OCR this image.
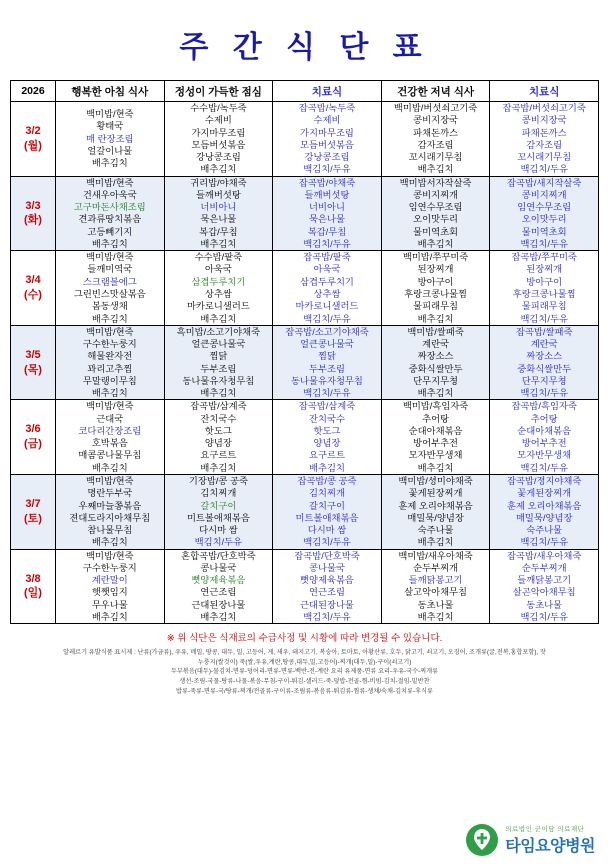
주 간 식 단 표
2026	행복한 아침 식사	정성이 가득한 점심	치료식	건강한 저녁 식사	치료식

3/2
(월)

백미밥/현죽
황태국
매 란장조림
얼갈이나물
배추김치

수수밥/녹두죽
수제비
가지마무조림
모듬버섯볶음
강낭콩조림
배추김치

잡곡밥/녹두죽
수제비
가지마무조림
모듬버섯볶음
강낭콩조림
백김치/두유

백미밥/버섯쇠고기죽
콩비지장국
파채돈까스
감자조림
꼬시래기무침
배추김치

잡곡밥/버섯쇠고기죽
콩비지장국
파채돈까스
감자조림
꼬시래기무침
백김치/두유

3/3
(화)

백미밥/현죽
건새우아욱국
고구마돈사채조림
견과류땅치볶음
고등빼기지
배추김치

귀리밥/야채죽
들깨버섯탕
너비아니
묵은나물
복갑/무침
배추김치

잡곡밥/야채죽
들깨버섯탕
너비아니
묵은나물
복갑/무침
백김치/두유

백미밥서자작살죽
콩비지찌개
임연수무조림
오이맛두리
물미역초회
배추김치

잡곡밥/새지작살죽
콩비지찌개
임연수무조림
오이맛두리
물미역초회
백김치/두유

3/4
(수)

백미밥/현죽
들깨미역국
스크램블에그
그린빈스맛살볶음
봄동생채
배추김치

수수밥/팥죽
아욱국
삼겹두루치기
상추쌈
마카로니샐러드
배추김치

잡곡밥/팥죽
아욱국
삼겹두루치기
상추쌈
마카로니샐러드
백김치/두유

백미밥/쭈꾸미죽
된장찌개
방아구이
후랑크콩나물찜
물피래무침
배추김치

잡곡밥/쭈꾸미죽
된장찌개
방아구이
후랑크콩나물찜
물피래무침
백김치/두유

3/5
(목)

백미밥/현죽
구수한누룽지
해물완자전
꽈리고추찜
무말랭이무침
배추김치

흑미밥/소고기야채죽
얼큰콩나물국
찜닭
두부조림
동나물유자청무침
배추김치

잡곡밥/소고기야채죽
얼큰콩나물국
찜닭
두부조림
동나물유자청무침
백김치/두유

백미밥/쌀패죽
계란국
짜장소스
중화식쌀만두
단무지무쳥
배추김치

잡곡밥/쌀패죽
계란국
짜장소스
중화식쌀만두
단무지무쳥
백김치/두유

3/6
(금)

백미밥/현죽
근대국
코다리간장조림
호박볶음
매콤콩나물무침
배추김치

잡곡밥/삼계죽
잔치국수
핫도그
양념장
요구르트
배추김치

잡곡밥/삼계죽
잔치국수
핫도그
양념장
요구르트
배추김치

백미밥/흑임자죽
추어탕
순대아채볶음
방어부추전
모자반무생채
배추김치

잡곡밥/흑임자죽
추어탕
순대아채볶음
방어부추전
모자반무생채
백김치/두유

3/7
(토)

백미밥/현죽
명란두부국
우째마늘쫑볶음
젼대도라지아채무침
참나물무침
배추김치

기장밥/콩 공죽
김치찌개
갈치구이
미트볼애채볶음
다시마 쌈
백김치/두유

잡곡밥/콩 공죽
김치찌개
갈치구이
미트볼애채볶음
다시마 쌈
백김치/두유

백미밥/셩미야채죽
꽃게된장찌개
훈제 오리야채볶음
매밀묵/양념장
숙주나물
배추김치

잡곡밥/졍지야채죽
꽃게된장찌개
훈제 오리아채볶음
매밀묵/양념장
숙주나물
백김치/두유

3/8
(일)

백미밥/현죽
구수한누룽지
계란말이
햇쨋임지
무우나물
배추김치

혼합곡밥/단호박죽
콩나물국
뼛양제육볶음
연근조림
근대된장나물
배추김치

잡곡밥/단호박죽
콩나물국
뼛양제육볶음
연근조림
근대된장나물
백김치/두유

백미밥/새우아채죽
순두부찌개
들깨닭봉고기
살고악아채무침
동초나물
배추김치

잡곡밥/새우아채죽
순두부찌개
들깨닭봉고기
살곤악아채무침
동초나물
백김치/두유
※ 위 식단은 식재료의 수급사정 및 시황에 따라 변경될 수 있습니다.
알레르기 유발식품 표시제 : 난류(가금류), 우유, 메밀, 땅콩, 대두, 밀, 고등어, 게, 새우, 돼지고기, 복숭아, 토마토, 아황산류, 호두, 닭고기, 쇠고기, 오징어, 조개류(굴,전복,홍합포함), 잣
누룽지(쌀것이) 죽(쌀,우유,계란,땅콩,대두,밀,고등어)-찌개(대두,밀)-구이(쇠고기)
두부볶음(대두)-물김치-면류-덩어리-면류-면류-백반-전-계란 요리 유제품-면류 요리-우유-국수-찌개류
생선-조림-국물-탕류-나물-볶음-무침-구이-튀김-샐러드-죽-덮밥-전골-찜-비빔-김치-절임-밑반찬
밥류-죽류-면류-국/탕류-찌개/전골류-구이류-조림류-볶음류-튀김류-찜류-생채/숙채-김치류-후식류
의료법인 군이담 의료재단
타임요양병원
